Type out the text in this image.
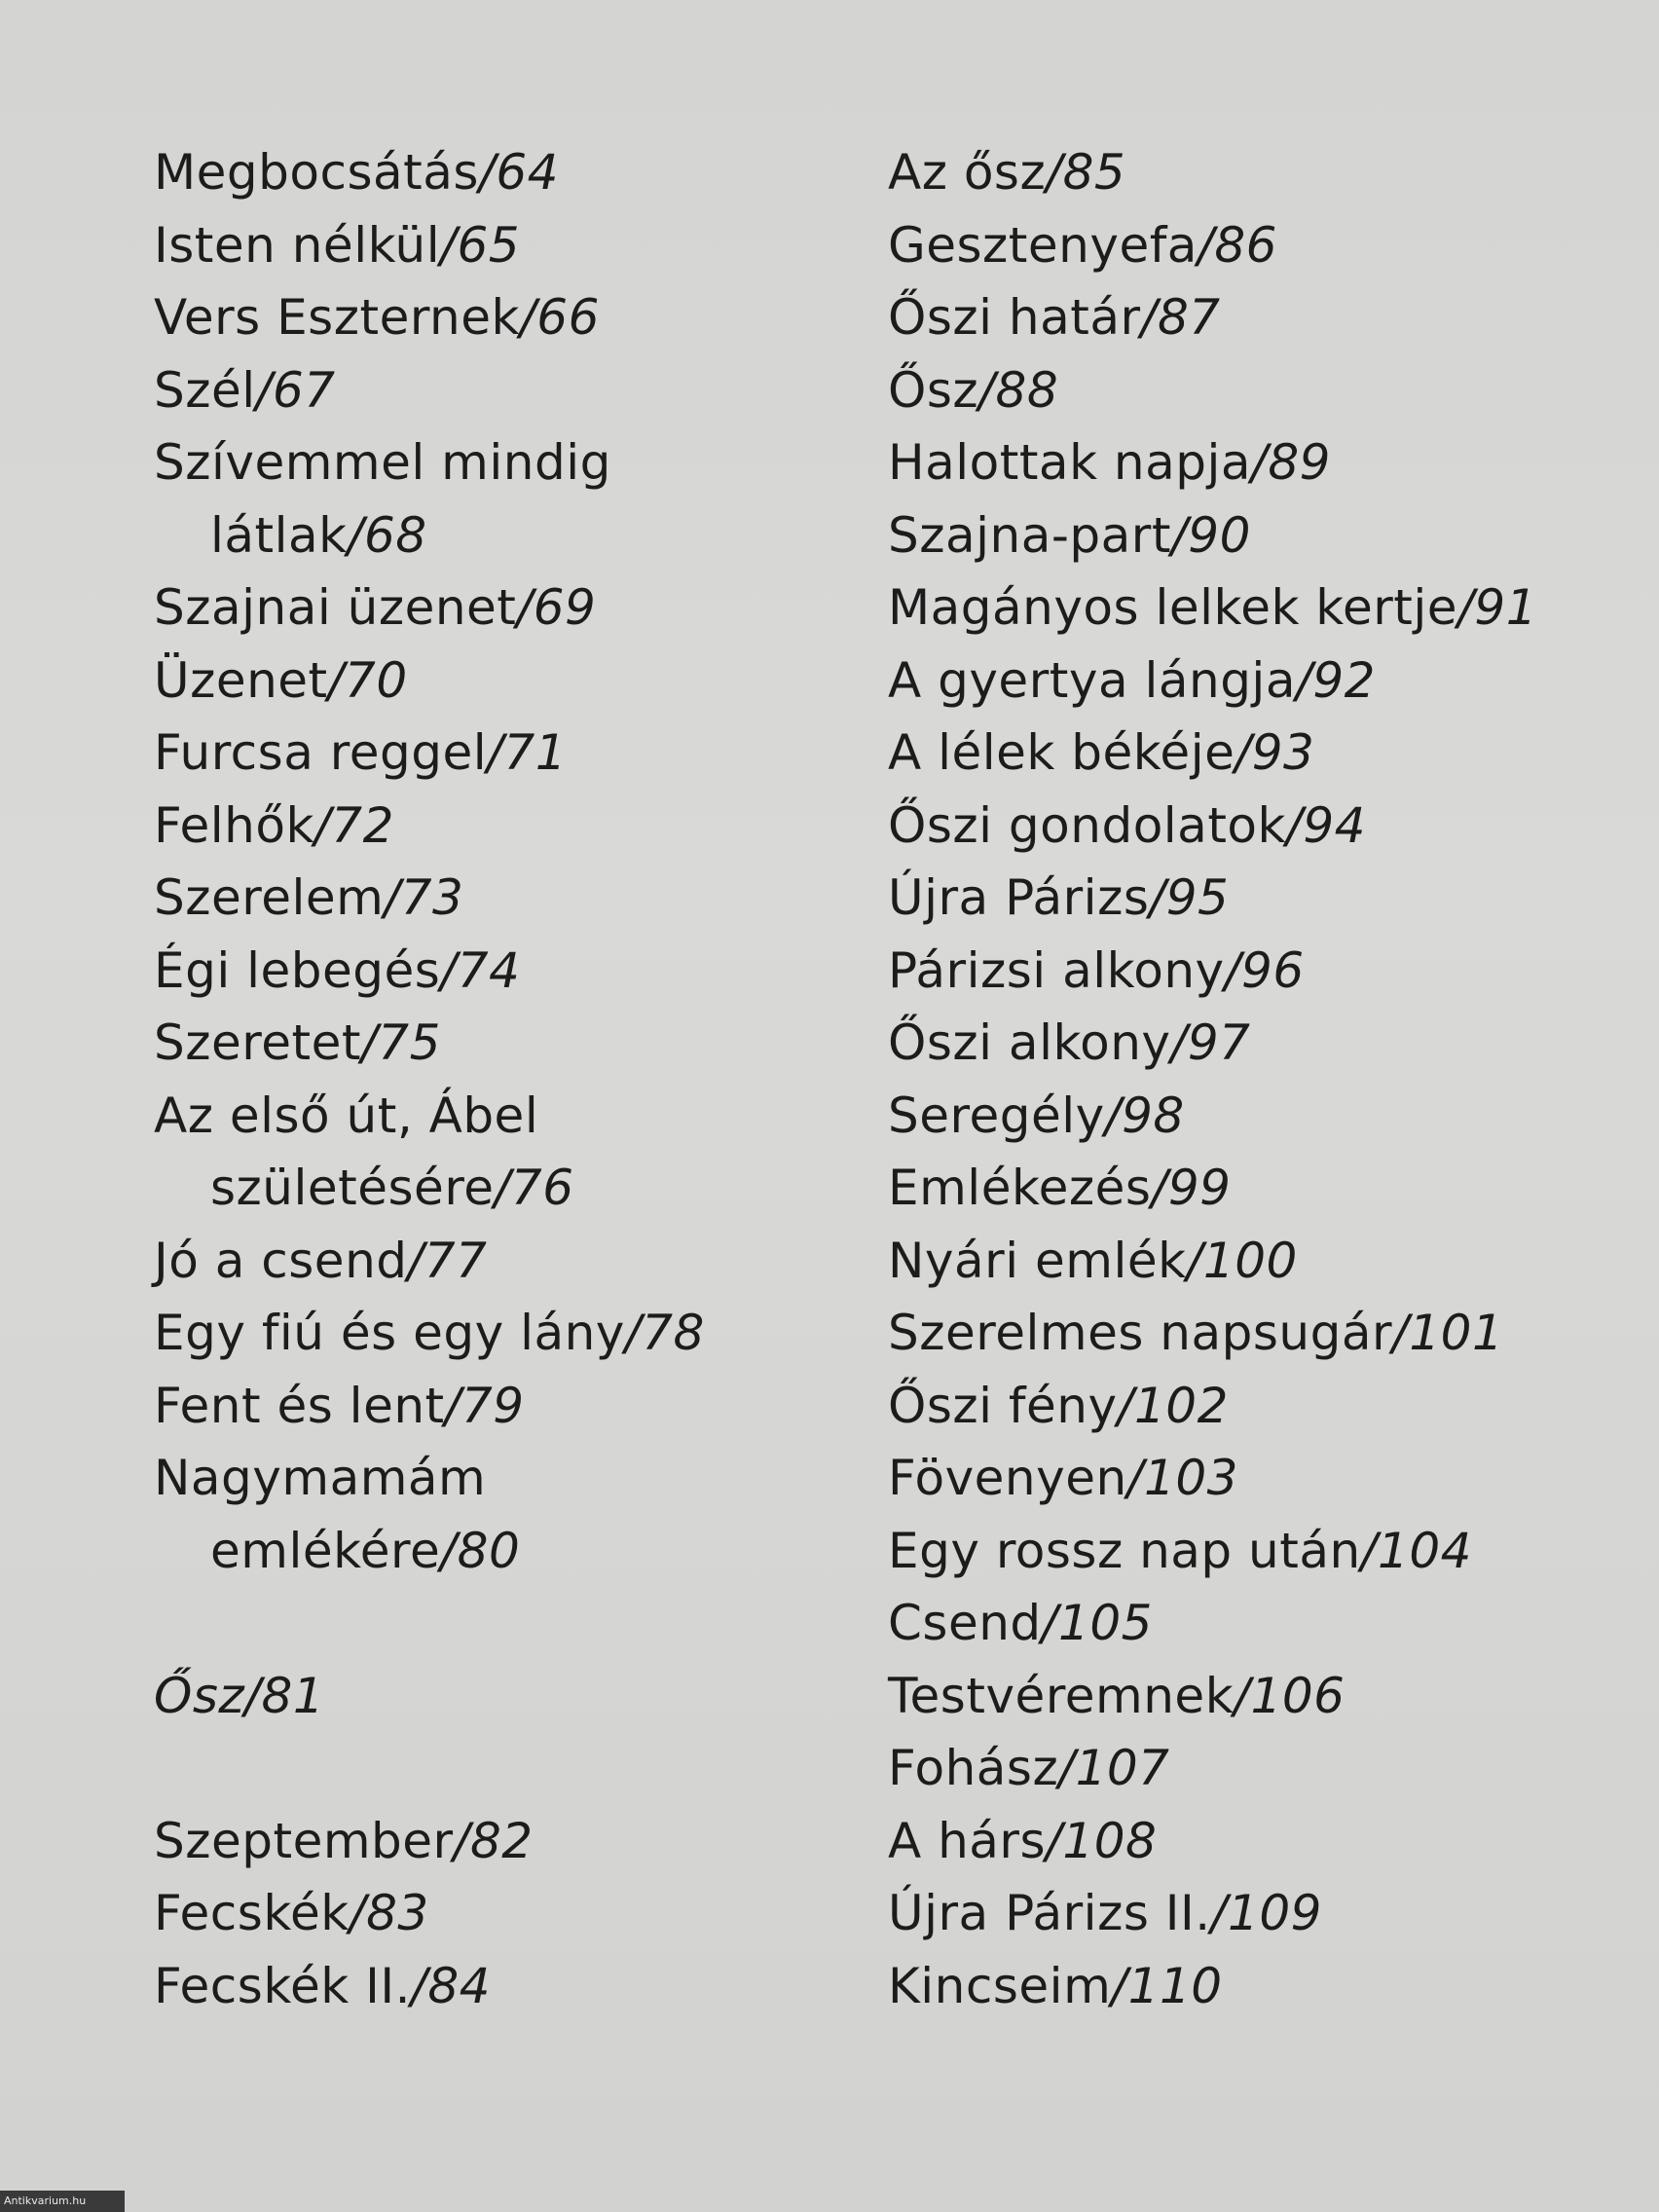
Megbocsátás/64
Isten nélkül/65
Vers Eszternek/66
Szél/67
Szívemmel mindig
látlak/68
Szajnai üzenet/69
Üzenet/70
Furcsa reggel/71
Felhők/72
Szerelem/73
Égi lebegés/74
Szeretet/75
Az első út, Ábel
születésére/76
Jó a csend/77
Egy fiú és egy lány/78
Fent és lent/79
Nagymamám
emlékére/80
Ősz/81
Szeptember/82
Fecskék/83
Fecskék II./84
Az ősz/85
Gesztenyefa/86
Őszi határ/87
Ősz/88
Halottak napja/89
Szajna-part/90
Magányos lelkek kertje/91
A gyertya lángja/92
A lélek békéje/93
Őszi gondolatok/94
Újra Párizs/95
Párizsi alkony/96
Őszi alkony/97
Seregély/98
Emlékezés/99
Nyári emlék/100
Szerelmes napsugár/101
Őszi fény/102
Fövenyen/103
Egy rossz nap után/104
Csend/105
Testvéremnek/106
Fohász/107
A hárs/108
Újra Párizs II./109
Kincseim/110
Antikvarium.hu
